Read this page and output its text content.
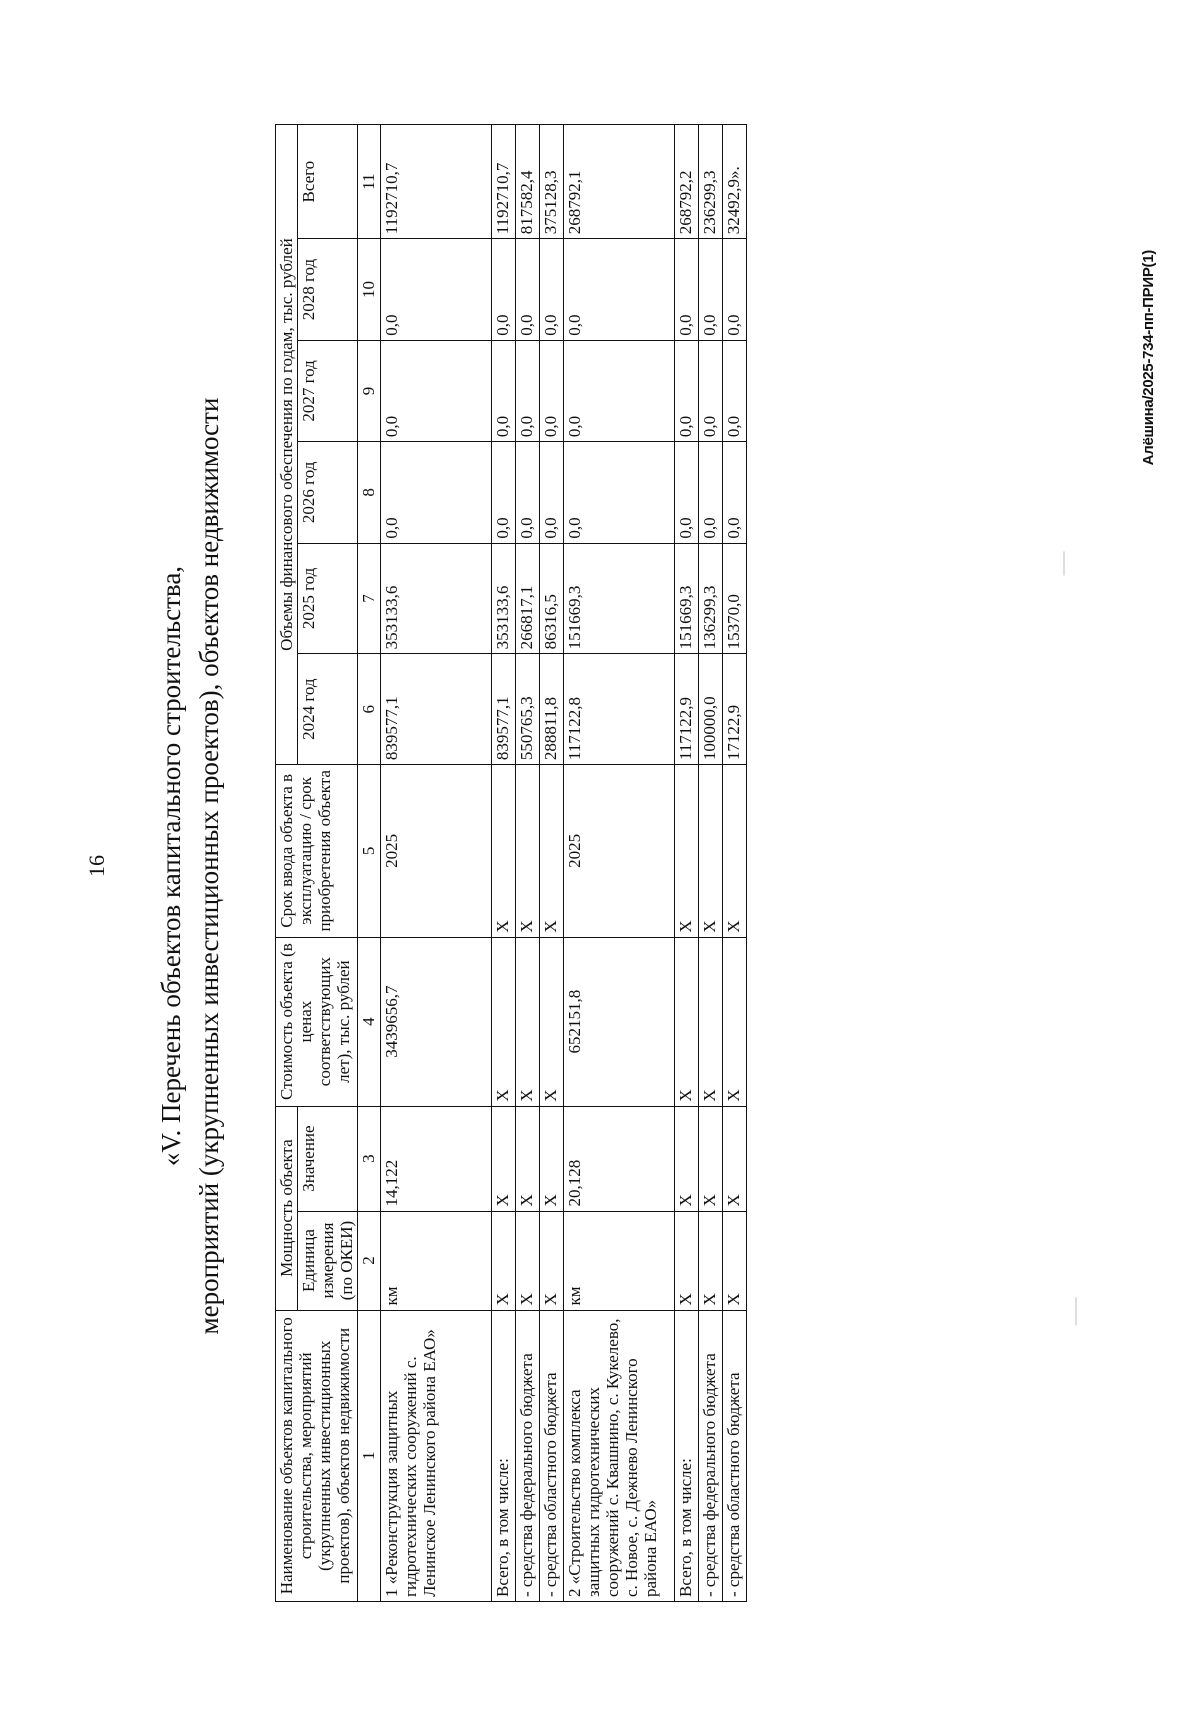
16 «V. Перечень объектов капитального строительства, мероприятий (укрупненных инвестиционных проектов), объектов недвижимости
Алёшина/2025-734-пп-ПРИР(1)
Наименование объектов капитального строительства, мероприятий (укрупненных инвестиционных проектов), объектов недвижимости	Мощность объекта		Стоимость объекта (в ценах соответствующих лет), тыс. рублей	Срок ввода объекта в эксплуатацию / срок приобретения объекта	Объемы финансового обеспечения по годам, тыс. рублей					
	Единица измерения (по ОКЕИ)	Значение			2024 год	2025 год	2026 год	2027 год	2028 год	Всего
1	2	3	4	5	6	7	8	9	10	11
1 «Реконструкция защитных гидротехнических сооружений с. Ленинское Ленинского района ЕАО»	км	14,122	3439656,7	2025	839577,1	353133,6	0,0	0,0	0,0	1192710,7
Всего, в том числе:	Х	Х	Х	Х	839577,1	353133,6	0,0	0,0	0,0	1192710,7
- средства федерального бюджета	Х	Х	Х	Х	550765,3	266817,1	0,0	0,0	0,0	817582,4
- средства областного бюджета	Х	Х	Х	Х	288811,8	86316,5	0,0	0,0	0,0	375128,3
2 «Строительство комплекса защитных гидротехнических сооружений с. Квашнино, с. Кукелево, с. Новое, с. Дежнево Ленинского района ЕАО»	км	20,128	652151,8	2025	117122,8	151669,3	0,0	0,0	0,0	268792,1
Всего, в том числе:	Х	Х	Х	Х	117122,9	151669,3	0,0	0,0	0,0	268792,2
- средства федерального бюджета	Х	Х	Х	Х	100000,0	136299,3	0,0	0,0	0,0	236299,3
- средства областного бюджета	Х	Х	Х	Х	17122,9	15370,0	0,0	0,0	0,0	32492,9».
